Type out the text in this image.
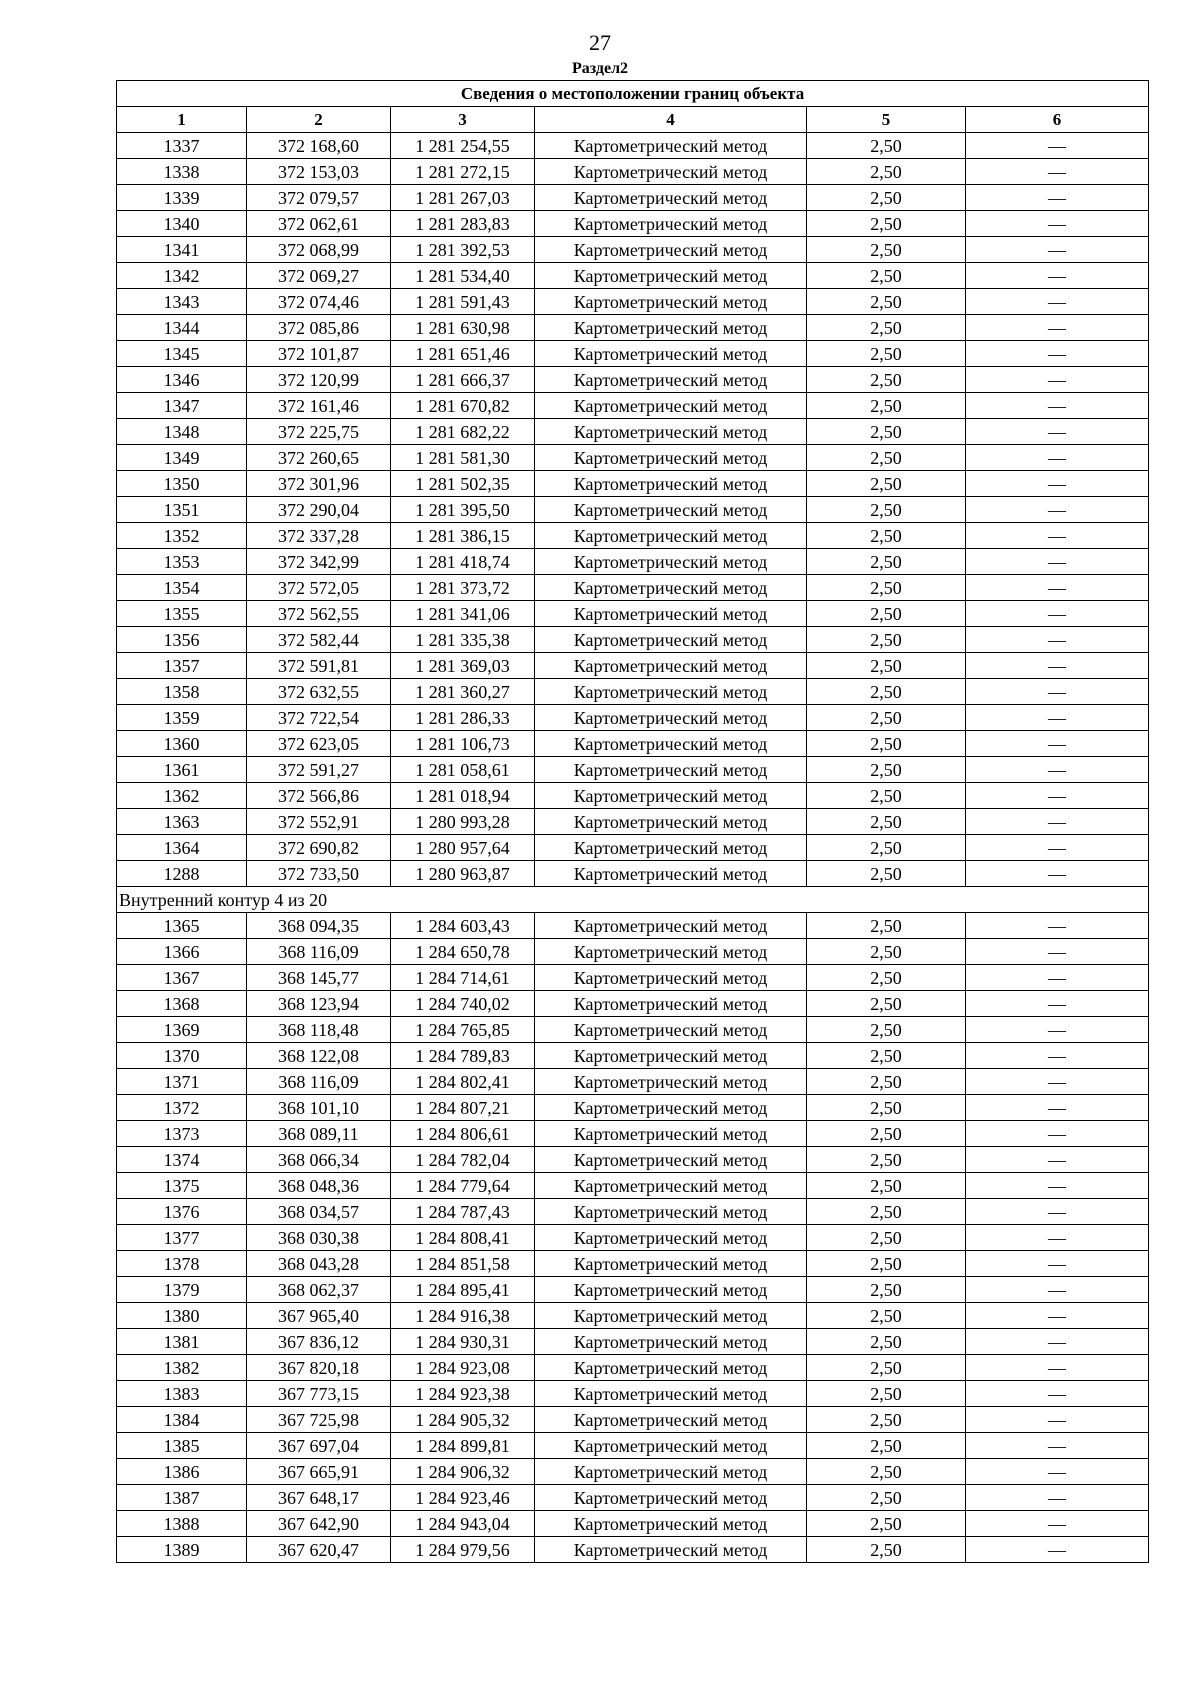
27
Раздел2
Сведения о местоположении границ объекта					
1	2	3	4	5	6
1337	372 168,60	1 281 254,55	Картометрический метод	2,50	—
1338	372 153,03	1 281 272,15	Картометрический метод	2,50	—
1339	372 079,57	1 281 267,03	Картометрический метод	2,50	—
1340	372 062,61	1 281 283,83	Картометрический метод	2,50	—
1341	372 068,99	1 281 392,53	Картометрический метод	2,50	—
1342	372 069,27	1 281 534,40	Картометрический метод	2,50	—
1343	372 074,46	1 281 591,43	Картометрический метод	2,50	—
1344	372 085,86	1 281 630,98	Картометрический метод	2,50	—
1345	372 101,87	1 281 651,46	Картометрический метод	2,50	—
1346	372 120,99	1 281 666,37	Картометрический метод	2,50	—
1347	372 161,46	1 281 670,82	Картометрический метод	2,50	—
1348	372 225,75	1 281 682,22	Картометрический метод	2,50	—
1349	372 260,65	1 281 581,30	Картометрический метод	2,50	—
1350	372 301,96	1 281 502,35	Картометрический метод	2,50	—
1351	372 290,04	1 281 395,50	Картометрический метод	2,50	—
1352	372 337,28	1 281 386,15	Картометрический метод	2,50	—
1353	372 342,99	1 281 418,74	Картометрический метод	2,50	—
1354	372 572,05	1 281 373,72	Картометрический метод	2,50	—
1355	372 562,55	1 281 341,06	Картометрический метод	2,50	—
1356	372 582,44	1 281 335,38	Картометрический метод	2,50	—
1357	372 591,81	1 281 369,03	Картометрический метод	2,50	—
1358	372 632,55	1 281 360,27	Картометрический метод	2,50	—
1359	372 722,54	1 281 286,33	Картометрический метод	2,50	—
1360	372 623,05	1 281 106,73	Картометрический метод	2,50	—
1361	372 591,27	1 281 058,61	Картометрический метод	2,50	—
1362	372 566,86	1 281 018,94	Картометрический метод	2,50	—
1363	372 552,91	1 280 993,28	Картометрический метод	2,50	—
1364	372 690,82	1 280 957,64	Картометрический метод	2,50	—
1288	372 733,50	1 280 963,87	Картометрический метод	2,50	—
Внутренний контур 4 из 20					
1365	368 094,35	1 284 603,43	Картометрический метод	2,50	—
1366	368 116,09	1 284 650,78	Картометрический метод	2,50	—
1367	368 145,77	1 284 714,61	Картометрический метод	2,50	—
1368	368 123,94	1 284 740,02	Картометрический метод	2,50	—
1369	368 118,48	1 284 765,85	Картометрический метод	2,50	—
1370	368 122,08	1 284 789,83	Картометрический метод	2,50	—
1371	368 116,09	1 284 802,41	Картометрический метод	2,50	—
1372	368 101,10	1 284 807,21	Картометрический метод	2,50	—
1373	368 089,11	1 284 806,61	Картометрический метод	2,50	—
1374	368 066,34	1 284 782,04	Картометрический метод	2,50	—
1375	368 048,36	1 284 779,64	Картометрический метод	2,50	—
1376	368 034,57	1 284 787,43	Картометрический метод	2,50	—
1377	368 030,38	1 284 808,41	Картометрический метод	2,50	—
1378	368 043,28	1 284 851,58	Картометрический метод	2,50	—
1379	368 062,37	1 284 895,41	Картометрический метод	2,50	—
1380	367 965,40	1 284 916,38	Картометрический метод	2,50	—
1381	367 836,12	1 284 930,31	Картометрический метод	2,50	—
1382	367 820,18	1 284 923,08	Картометрический метод	2,50	—
1383	367 773,15	1 284 923,38	Картометрический метод	2,50	—
1384	367 725,98	1 284 905,32	Картометрический метод	2,50	—
1385	367 697,04	1 284 899,81	Картометрический метод	2,50	—
1386	367 665,91	1 284 906,32	Картометрический метод	2,50	—
1387	367 648,17	1 284 923,46	Картометрический метод	2,50	—
1388	367 642,90	1 284 943,04	Картометрический метод	2,50	—
1389	367 620,47	1 284 979,56	Картометрический метод	2,50	—
